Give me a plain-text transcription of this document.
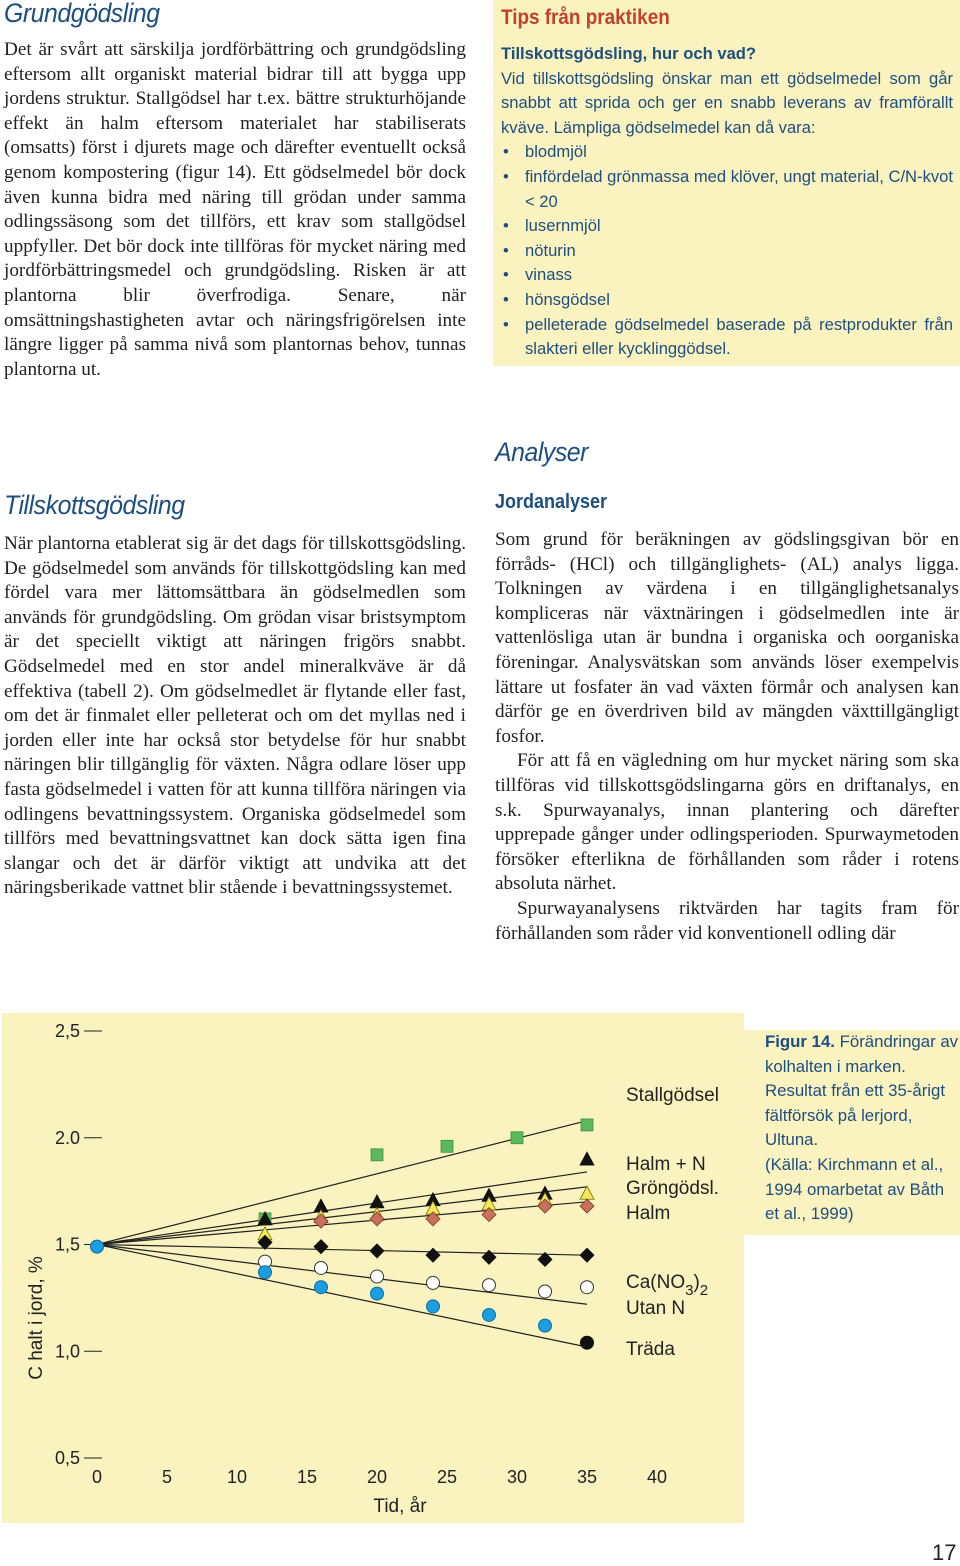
Grundgödsling

Det är svårt att särskilja jordförbättring och grundgödsling eftersom allt organiskt material bidrar till att bygga upp jordens struktur. Stallgödsel har t.ex. bättre strukturhöjande effekt än halm eftersom materialet har stabiliserats (omsatts) först i djurets mage och därefter eventuellt också genom kompostering (figur 14). Ett gödselmedel bör dock även kunna bidra med näring till grödan under samma odlingssäsong som det tillförs, ett krav som stallgödsel uppfyller. Det bör dock inte tillföras för mycket näring med jordförbättringsmedel och grundgödsling. Risken är att plantorna blir överfrodiga. Senare, när omsättningshastigheten avtar och näringsfrigörelsen inte längre ligger på samma nivå som plantornas behov, tunnas plantorna ut.

Tillskottsgödsling

När plantorna etablerat sig är det dags för tillskottsgödsling. De gödselmedel som används för tillskottgödsling kan med fördel vara mer lättomsättbara än gödselmedlen som används för grundgödsling. Om grödan visar bristsymptom är det speciellt viktigt att näringen frigörs snabbt. Gödselmedel med en stor andel mineralkväve är då effektiva (tabell 2). Om gödselmedlet är flytande eller fast, om det är finmalet eller pelleterat och om det myllas ned i jorden eller inte har också stor betydelse för hur snabbt näringen blir tillgänglig för växten. Några odlare löser upp fasta gödselmedel i vatten för att kunna tillföra näringen via odlingens bevattningssystem. Organiska gödselmedel som tillförs med bevattningsvattnet kan dock sätta igen fina slangar och det är därför viktigt att undvika att det näringsberikade vattnet blir stående i bevattningssystemet.

Tips från praktiken
Tillskottsgödsling, hur och vad?
Vid tillskottsgödsling önskar man ett gödselmedel som går snabbt att sprida och ger en snabb leverans av framförallt kväve. Lämpliga gödselmedel kan då vara:
• blodmjöl
• finfördelad grönmassa med klöver, ungt material, C/N-kvot < 20
• lusernmjöl
• nöturin
• vinass
• hönsgödsel
• pelleterade gödselmedel baserade på restprodukter från slakteri eller kycklinggödsel.
Analyser
Jordanalyser

Som grund för beräkningen av gödslingsgivan bör en förråds- (HCl) och tillgänglighets- (AL) analys ligga. Tolkningen av värdena i en tillgänglighetsanalys kompliceras när växtnäringen i gödselmedlen inte är vattenlösliga utan är bundna i organiska och oorganiska föreningar. Analysvätskan som används löser exempelvis lättare ut fosfater än vad växten förmår och analysen kan därför ge en överdriven bild av mängden växttillgängligt fosfor.

För att få en vägledning om hur mycket näring som ska tillföras vid tillskottsgödslingarna görs en driftanalys, en s.k. Spurwayanalys, innan plantering och därefter upprepade gånger under odlingsperioden. Spurwaymetoden försöker efterlikna de förhållanden som råder i rotens absoluta närhet.

Spurwayanalysens riktvärden har tagits fram för förhållanden som råder vid konventionell odling där

Figur 14. Förändringar av kolhalten i marken.
Resultat från ett 35-årigt fältförsök på lerjord, Ultuna.
(Källa: Kirchmann et al., 1994 omarbetat av Båth et al., 1999)
2,5
2.0
1,5
1,0
0,5
0	5	10	15	20	25	30	35	40
Tid, år
Stallgödsel
Halm + N
Gröngödsl.
Halm
$Ca(NO_3)_2$
Utan N
Träda
C halt i jord, %
17
